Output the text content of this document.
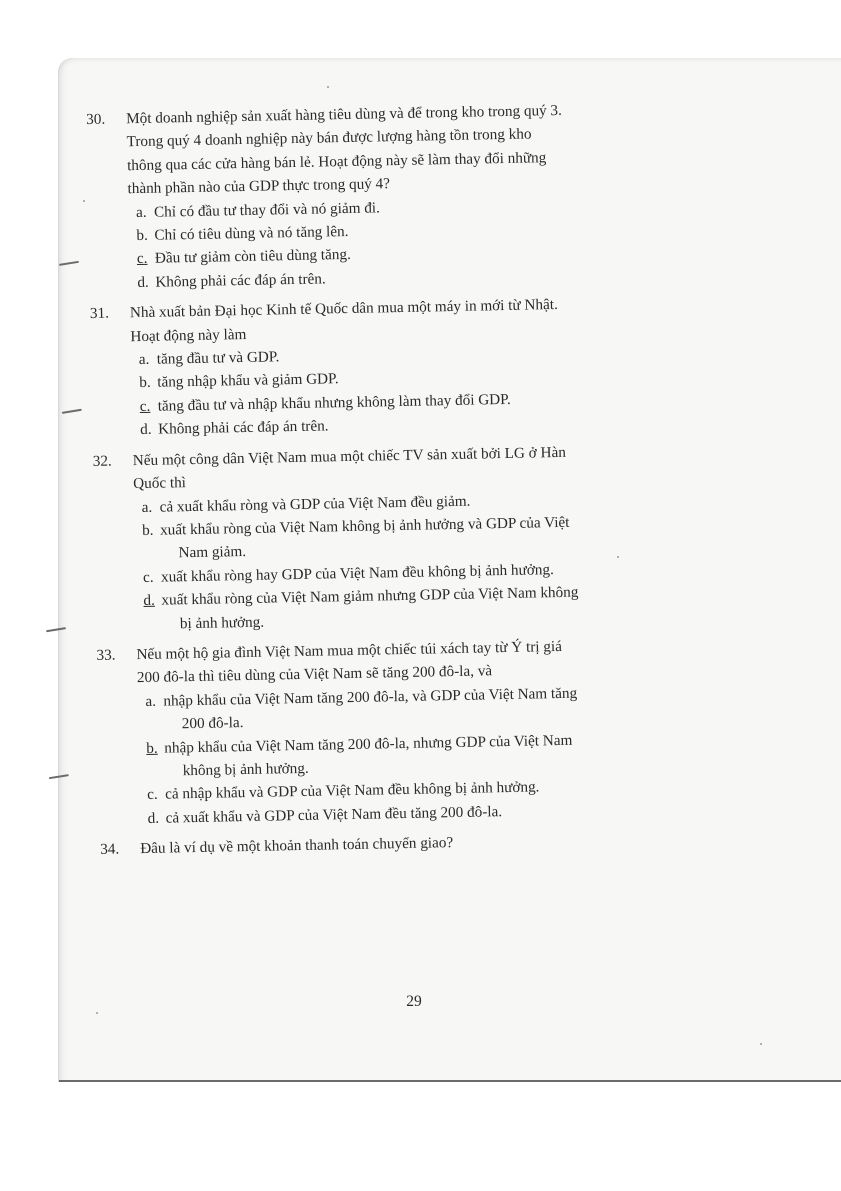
30.	Một doanh nghiệp sản xuất hàng tiêu dùng và để trong kho trong quý 3.
Trong quý 4 doanh nghiệp này bán được lượng hàng tồn trong kho
thông qua các cửa hàng bán lẻ. Hoạt động này sẽ làm thay đổi những
thành phần nào của GDP thực trong quý 4?
a. Chỉ có đầu tư thay đổi và nó giảm đi.
b. Chỉ có tiêu dùng và nó tăng lên.
c. Đầu tư giảm còn tiêu dùng tăng.
d. Không phải các đáp án trên.
31.	Nhà xuất bản Đại học Kinh tế Quốc dân mua một máy in mới từ Nhật.
Hoạt động này làm
a. tăng đầu tư và GDP.
b. tăng nhập khẩu và giảm GDP.
c. tăng đầu tư và nhập khẩu nhưng không làm thay đổi GDP.
d. Không phải các đáp án trên.
32.	Nếu một công dân Việt Nam mua một chiếc TV sản xuất bởi LG ở Hàn
Quốc thì
a. cả xuất khẩu ròng và GDP của Việt Nam đều giảm.
b. xuất khẩu ròng của Việt Nam không bị ảnh hưởng và GDP của Việt
Nam giảm.
c. xuất khẩu ròng hay GDP của Việt Nam đều không bị ảnh hưởng.
d. xuất khẩu ròng của Việt Nam giảm nhưng GDP của Việt Nam không
bị ảnh hưởng.
33.	Nếu một hộ gia đình Việt Nam mua một chiếc túi xách tay từ Ý trị giá
200 đô-la thì tiêu dùng của Việt Nam sẽ tăng 200 đô-la, và
a. nhập khẩu của Việt Nam tăng 200 đô-la, và GDP của Việt Nam tăng
200 đô-la.
b. nhập khẩu của Việt Nam tăng 200 đô-la, nhưng GDP của Việt Nam
không bị ảnh hưởng.
c. cả nhập khẩu và GDP của Việt Nam đều không bị ảnh hưởng.
d. cả xuất khẩu và GDP của Việt Nam đều tăng 200 đô-la.
34.	Đâu là ví dụ về một khoản thanh toán chuyển giao?
29
